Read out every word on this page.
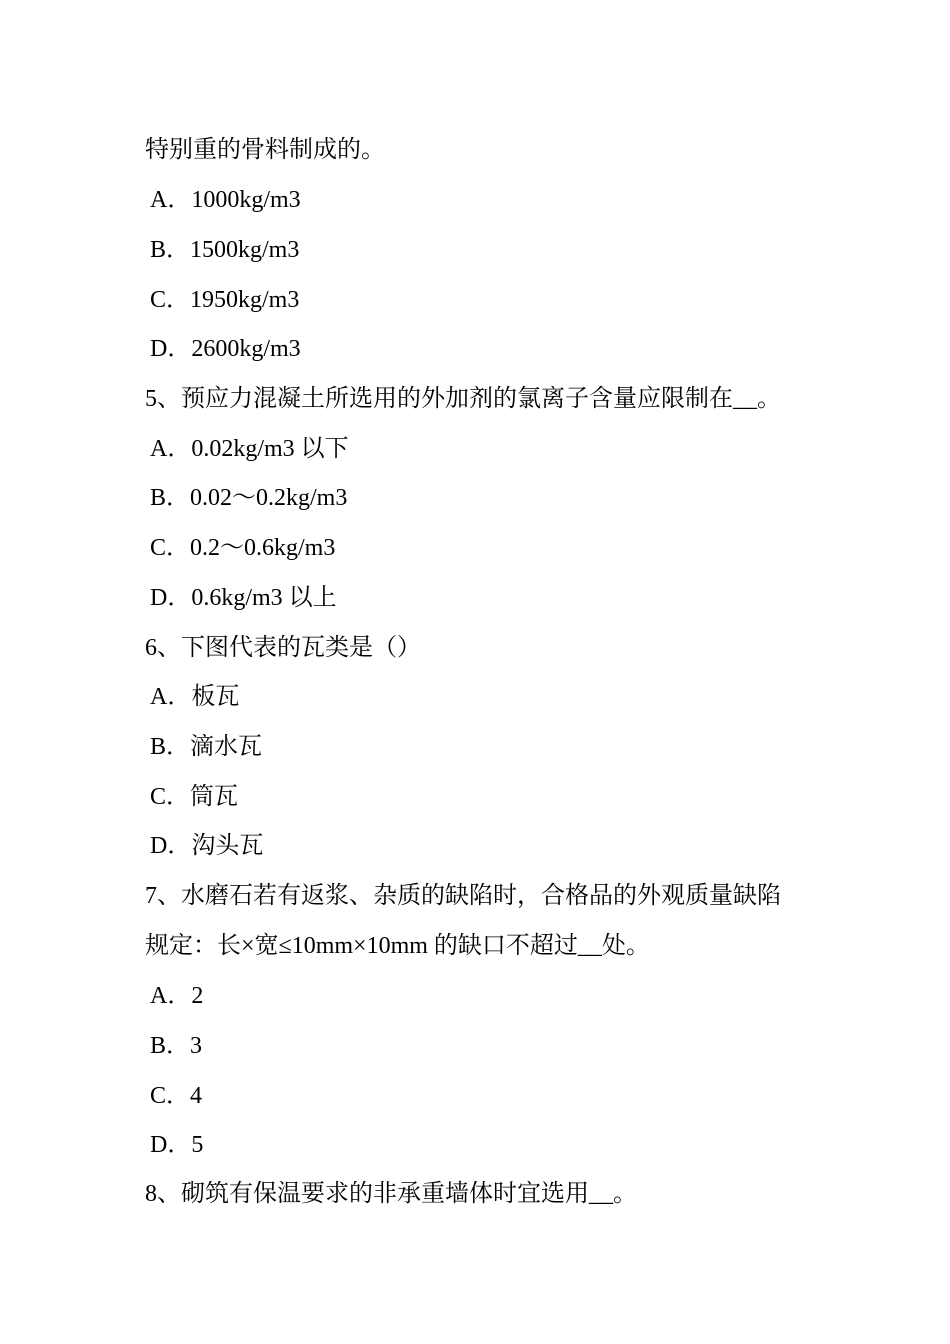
特别重的骨料制成的。
A．1000kg/m3
B．1500kg/m3
C．1950kg/m3
D．2600kg/m3
5、预应力混凝土所选用的外加剂的氯离子含量应限制在__。
A．0.02kg/m3 以下
B．0.02～0.2kg/m3
C．0.2～0.6kg/m3
D．0.6kg/m3 以上
6、下图代表的瓦类是（）
A．板瓦
B．滴水瓦
C．筒瓦
D．沟头瓦
7、水磨石若有返浆、杂质的缺陷时，合格品的外观质量缺陷
规定：长×宽≤10mm×10mm 的缺口不超过__处。
A．2
B．3
C．4
D．5
8、砌筑有保温要求的非承重墙体时宜选用__。
